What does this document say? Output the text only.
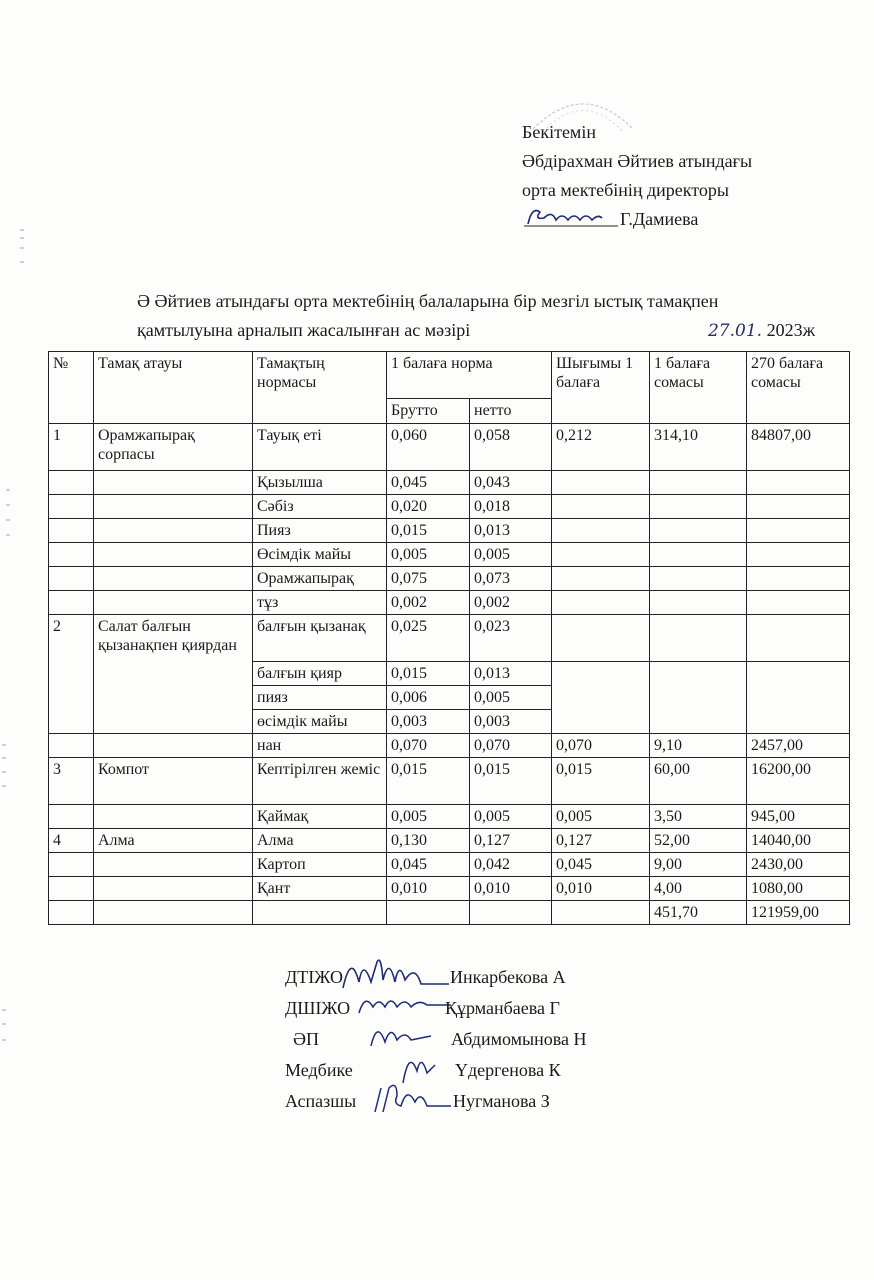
Бекітемін
Әбдірахман Әйтиев атындағы
орта мектебінің директоры
Г.Дамиева
Ә Әйтиев атындағы орта мектебінің балаларына бір мезгіл ыстық тамақпен
қамтылуына арналып жасалынған ас мәзірі	27.01. 2023ж
№	Тамақ атауы	Тамақтың нормасы	1 балаға норма		Шығымы 1 балаға	1 балаға сомасы	270 балаға сомасы
			Брутто	нетто			
1	Орамжапырақ сорпасы	Тауық еті	0,060	0,058	0,212	314,10	84807,00
		Қызылша	0,045	0,043			
		Сәбіз	0,020	0,018			
		Пияз	0,015	0,013			
		Өсімдік майы	0,005	0,005			
		Орамжапырақ	0,075	0,073			
		тұз	0,002	0,002			
2	Салат балғын қызанақпен қиярдан	балғын қызанақ	0,025	0,023			
		балғын қияр	0,015	0,013			
		пияз	0,006	0,005			
		өсімдік майы	0,003	0,003			
		нан	0,070	0,070	0,070	9,10	2457,00
3	Компот	Кептірілген жеміс	0,015	0,015	0,015	60,00	16200,00
		Қаймақ	0,005	0,005	0,005	3,50	945,00
4	Алма	Алма	0,130	0,127	0,127	52,00	14040,00
		Картоп	0,045	0,042	0,045	9,00	2430,00
		Қант	0,010	0,010	0,010	4,00	1080,00
						451,70	121959,00
ДТІЖО	Инкарбекова А
ДШІЖО	Құрманбаева Г
ӘП	Абдимомынова Н
Медбике	Үдергенова К
Аспазшы	Нугманова З
